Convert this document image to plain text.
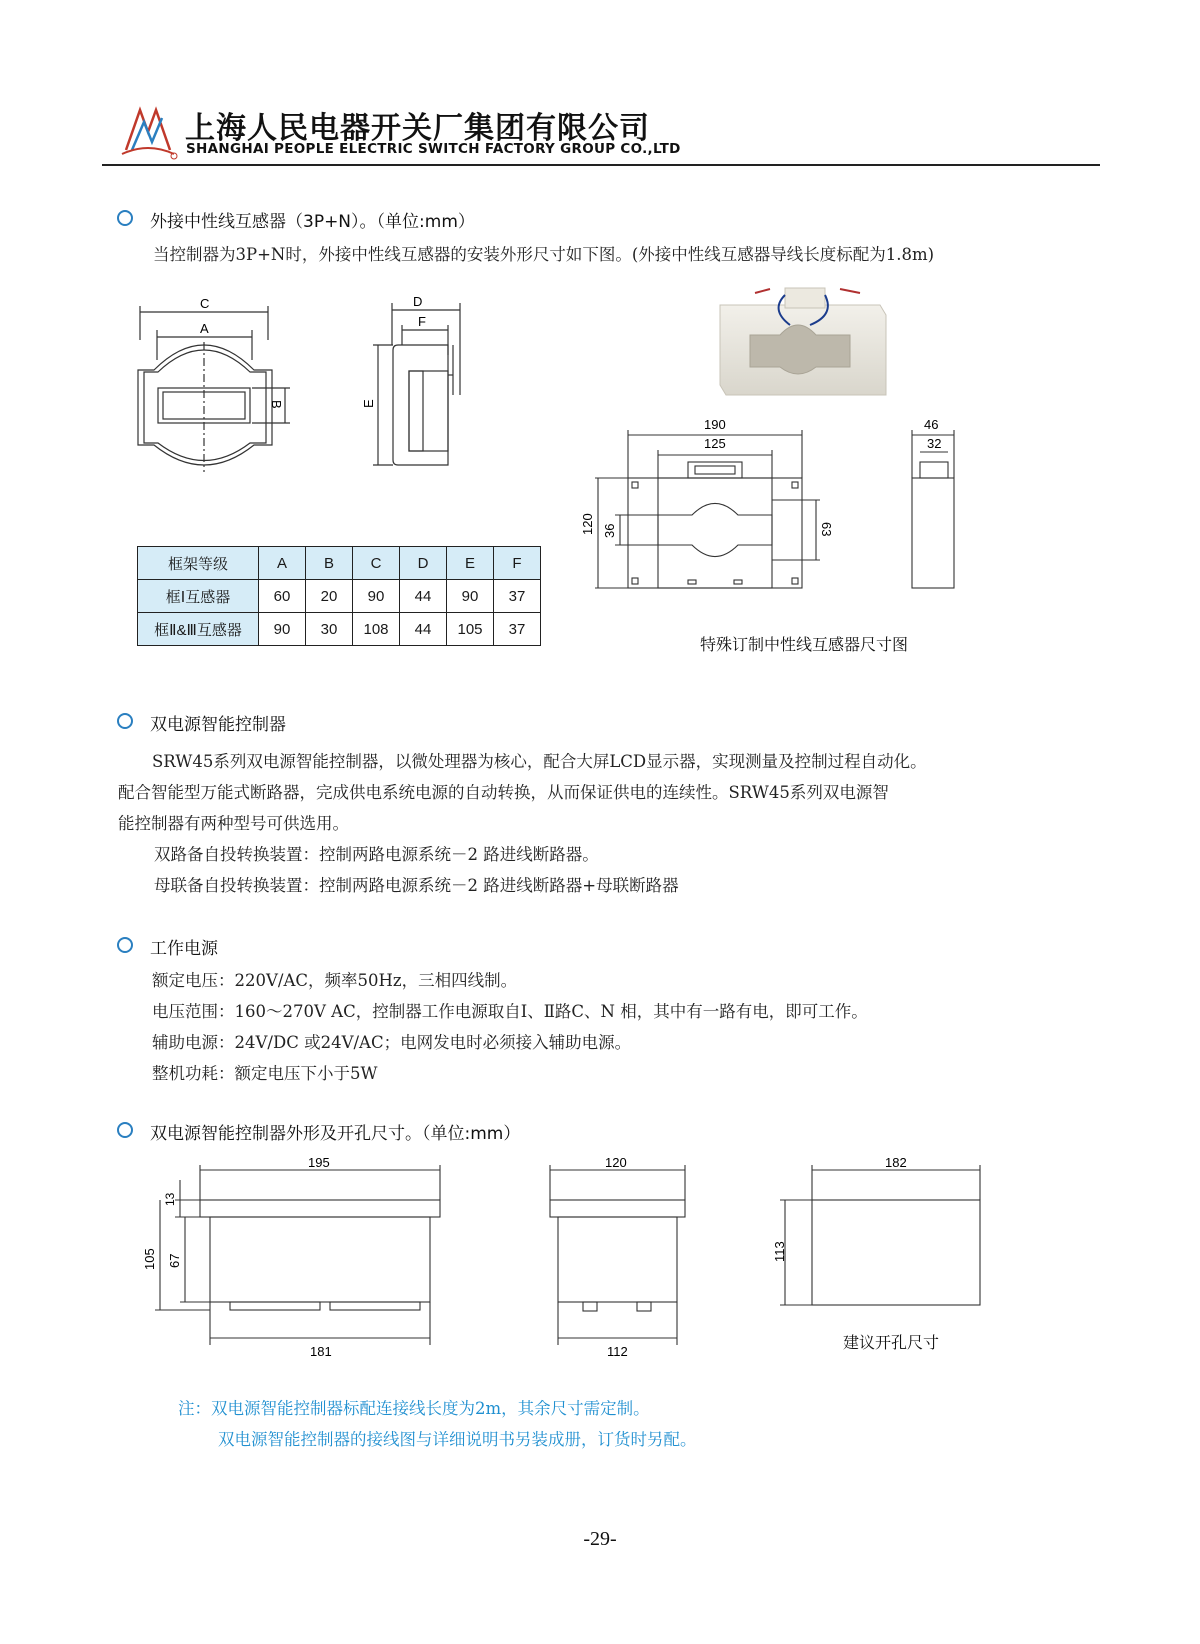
上海人民电器开关厂集团有限公司
SHANGHAI PEOPLE ELECTRIC SWITCH FACTORY GROUP CO.,LTD
外接中性线互感器（3P+N）。（单位:mm）
当控制器为3P+N时，外接中性线互感器的安装外形尺寸如下图。(外接中性线互感器导线长度标配为1.8m)
C
A
B
D
F
E
190
125
120 36	63
46
32
特殊订制中性线互感器尺寸图
框架等级	A	B	C	D	E	F
框Ⅰ互感器	60	20	90	44	90	37
框Ⅱ&Ⅲ互感器	90	30	108	44	105	37
双电源智能控制器
SRW45系列双电源智能控制器，以微处理器为核心，配合大屏LCD显示器，实现测量及控制过程自动化。
配合智能型万能式断路器，完成供电系统电源的自动转换，从而保证供电的连续性。SRW45系列双电源智
能控制器有两种型号可供选用。
双路备自投转换装置：控制两路电源系统－2 路进线断路器。
母联备自投转换装置：控制两路电源系统－2 路进线断路器+母联断路器
工作电源
额定电压：220V/AC，频率50Hz，三相四线制。
电压范围：160～270V AC，控制器工作电源取自Ⅰ、Ⅱ路C、N 相，其中有一路有电，即可工作。
辅助电源：24V/DC 或24V/AC；电网发电时必须接入辅助电源。
整机功耗：额定电压下小于5W
双电源智能控制器外形及开孔尺寸。（单位:mm）
195
181
13
105 67
120
112
182
113
建议开孔尺寸
注：双电源智能控制器标配连接线长度为2m，其余尺寸需定制。
双电源智能控制器的接线图与详细说明书另装成册，订货时另配。
-29-
